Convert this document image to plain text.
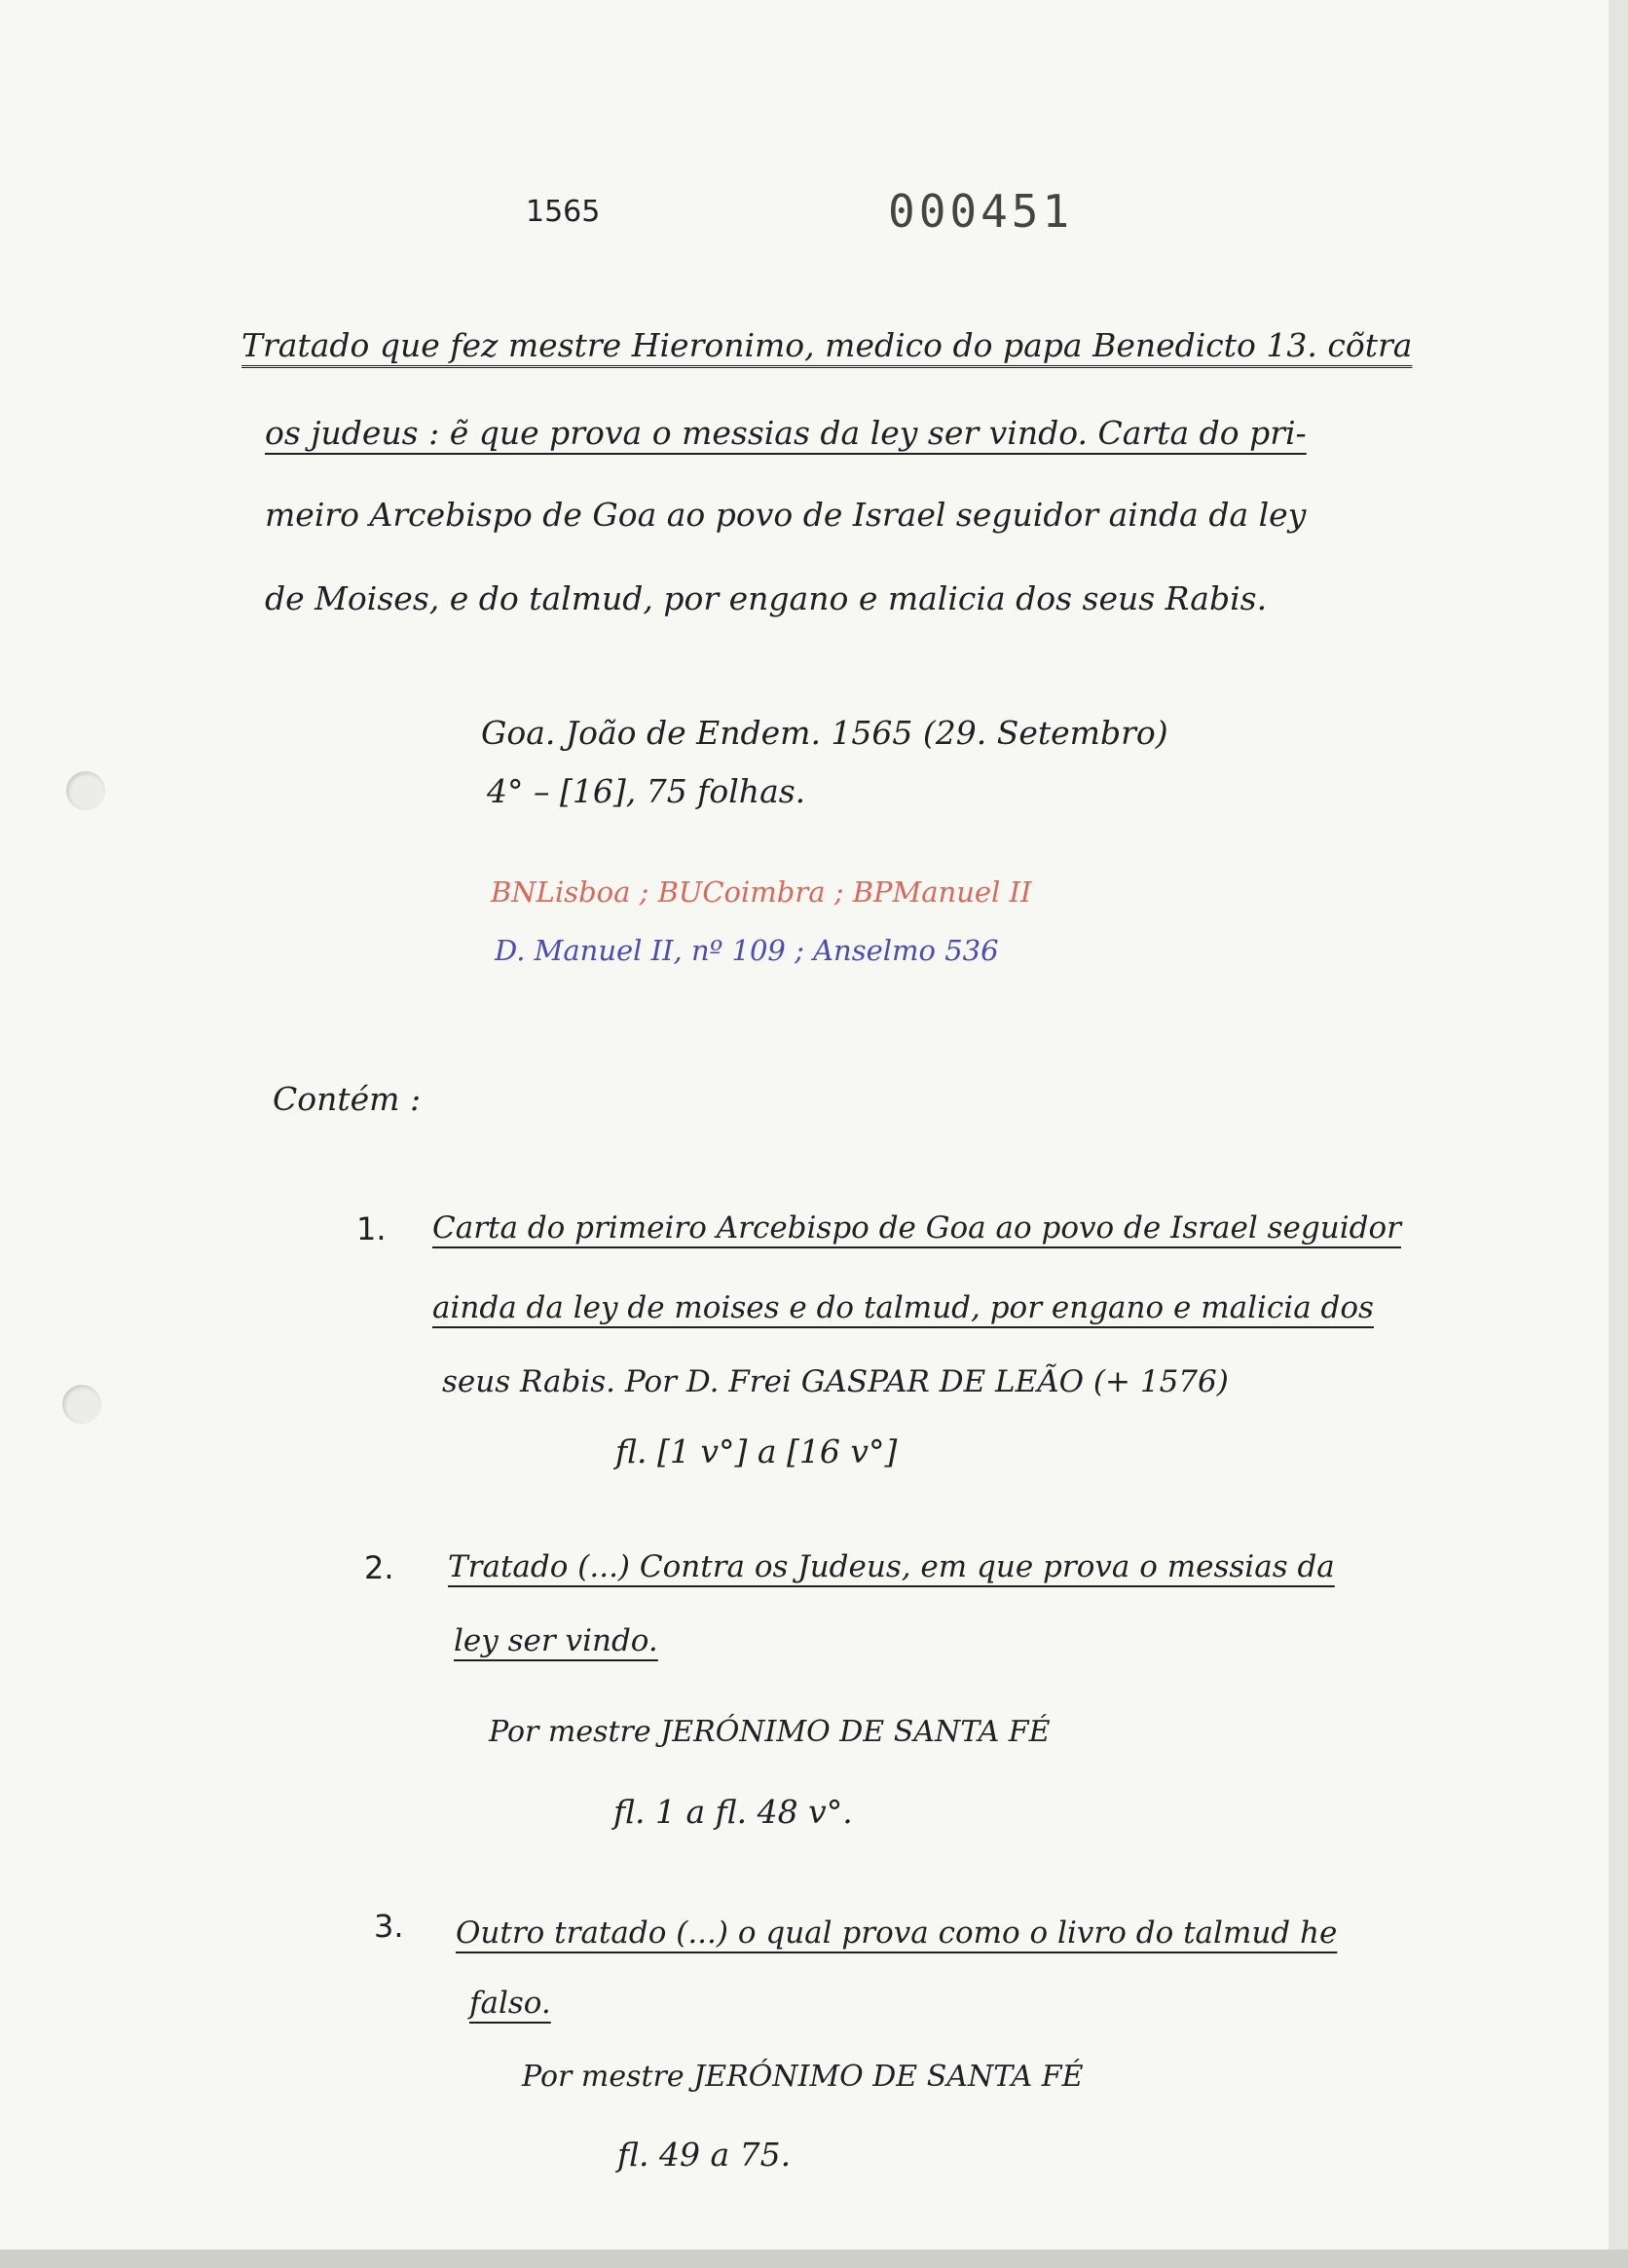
1565	000451
Tratado que fez mestre Hieronimo, medico do papa Benedicto 13. cõtra
os judeus : ẽ que prova o messias da ley ser vindo. Carta do pri-
meiro Arcebispo de Goa ao povo de Israel seguidor ainda da ley
de Moises, e do talmud, por engano e malicia dos seus Rabis.
Goa. João de Endem. 1565 (29. Setembro)
4° – [16], 75 folhas.
BNLisboa ; BUCoimbra ; BPManuel II
D. Manuel II, nº 109 ; Anselmo 536
Contém :
1. Carta do primeiro Arcebispo de Goa ao povo de Israel seguidor
ainda da ley de moises e do talmud, por engano e malicia dos
seus Rabis. Por D. Frei GASPAR DE LEÃO (+ 1576)
fl. [1 v°] a [16 v°]
2. Tratado (...) Contra os Judeus, em que prova o messias da
ley ser vindo.
Por mestre JERÓNIMO DE SANTA FÉ
fl. 1 a fl. 48 v°.
3. Outro tratado (...) o qual prova como o livro do talmud he
falso.
Por mestre JERÓNIMO DE SANTA FÉ
fl. 49 a 75.
